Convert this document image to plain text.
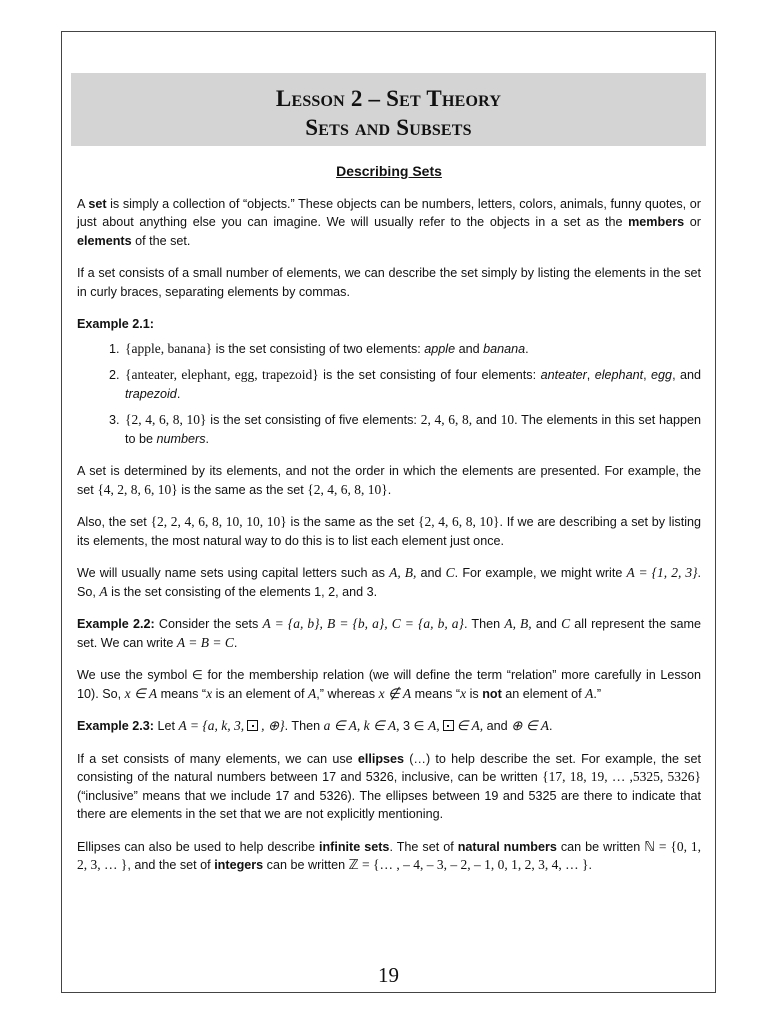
Lesson 2 – Set Theory
Sets and Subsets
Describing Sets

A set is simply a collection of “objects.” These objects can be numbers, letters, colors, animals, funny quotes, or just about anything else you can imagine. We will usually refer to the objects in a set as the members or elements of the set.

If a set consists of a small number of elements, we can describe the set simply by listing the elements in the set in curly braces, separating elements by commas.

Example 2.1:

1. {apple, banana} is the set consisting of two elements: apple and banana.
2. {anteater, elephant, egg, trapezoid} is the set consisting of four elements: anteater, elephant, egg, and trapezoid.
3. {2, 4, 6, 8, 10} is the set consisting of five elements: 2, 4, 6, 8, and 10. The elements in this set happen to be numbers.

A set is determined by its elements, and not the order in which the elements are presented. For example, the set {4, 2, 8, 6, 10} is the same as the set {2, 4, 6, 8, 10}.

Also, the set {2, 2, 4, 6, 8, 10, 10, 10} is the same as the set {2, 4, 6, 8, 10}. If we are describing a set by listing its elements, the most natural way to do this is to list each element just once.

We will usually name sets using capital letters such as A, B, and C. For example, we might write A = {1, 2, 3}. So, A is the set consisting of the elements 1, 2, and 3.

Example 2.2: Consider the sets A = {a, b}, B = {b, a}, C = {a, b, a}. Then A, B, and C all represent the same set. We can write A = B = C.

We use the symbol ∈ for the membership relation (we will define the term “relation” more carefully in Lesson 10). So, x ∈ A means “x is an element of A,” whereas x ∉ A means “x is not an element of A.”

Example 2.3: Let A = {a, k, 3, , ⊕}. Then a ∈ A, k ∈ A, 3 ∈ A, ∈ A, and ⊕ ∈ A.

If a set consists of many elements, we can use ellipses (…) to help describe the set. For example, the set consisting of the natural numbers between 17 and 5326, inclusive, can be written {17, 18, 19, … ,5325, 5326} (“inclusive” means that we include 17 and 5326). The ellipses between 19 and 5325 are there to indicate that there are elements in the set that we are not explicitly mentioning.

Ellipses can also be used to help describe infinite sets. The set of natural numbers can be written ℕ = {0, 1, 2, 3, … }, and the set of integers can be written ℤ = {… , – 4, – 3, – 2, – 1, 0, 1, 2, 3, 4, … }.

19
